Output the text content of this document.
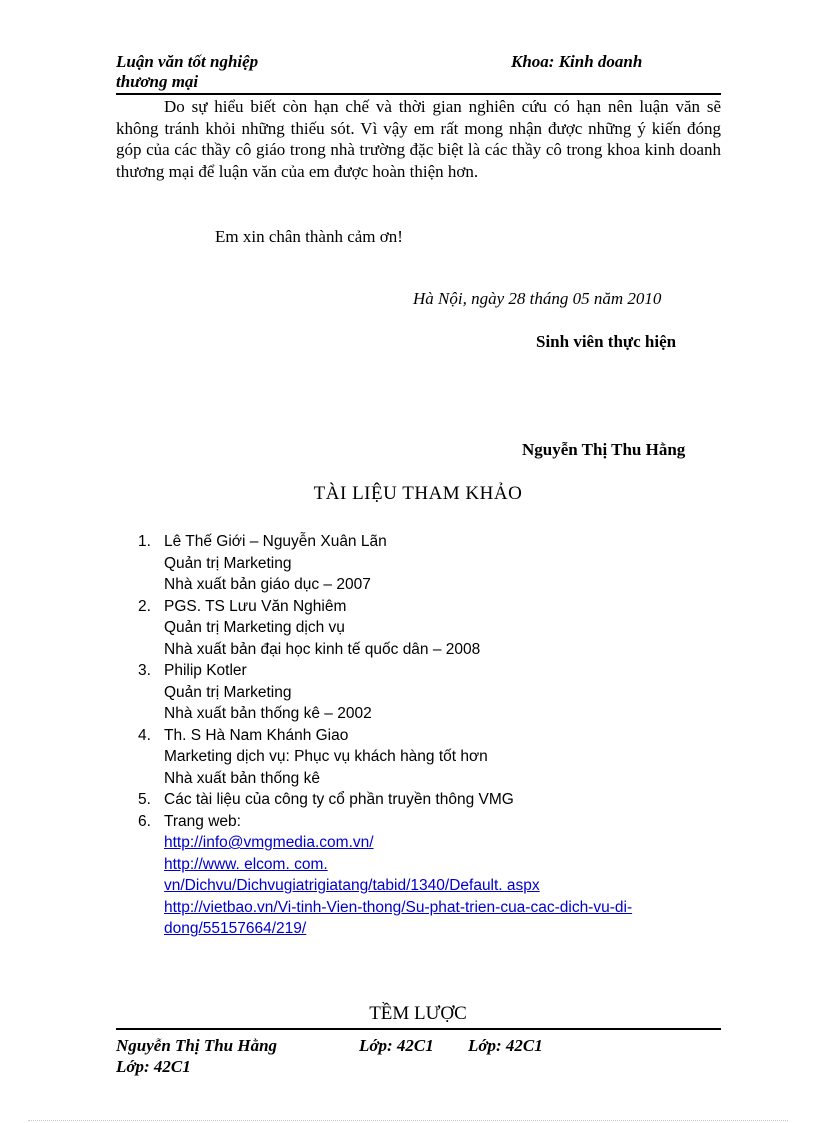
Luận văn tốt nghiệp
thương mại
Khoa: Kinh doanh
Do sự hiểu biết còn hạn chế và thời gian nghiên cứu có hạn nên luận văn sẽ không tránh khỏi những thiếu sót. Vì vậy em rất mong nhận được những ý kiến đóng góp của các thầy cô giáo trong nhà trường đặc biệt là các thầy cô trong khoa kinh doanh thương mại để luận văn của em được hoàn thiện hơn.
Em xin chân thành cảm ơn!
Hà Nội, ngày 28 tháng 05 năm 2010
Sinh viên thực hiện
Nguyễn Thị Thu Hằng
TÀI LIỆU THAM KHẢO
1. Lê Thế Giới – Nguyễn Xuân Lãn
Quản trị Marketing
Nhà xuất bản giáo dục – 2007
2. PGS. TS Lưu Văn Nghiêm
Quản trị Marketing dịch vụ
Nhà xuất bản đại học kinh tế quốc dân – 2008
3. Philip Kotler
Quản trị Marketing
Nhà xuất bản thống kê – 2002
4. Th. S Hà Nam Khánh Giao
Marketing dịch vụ: Phục vụ khách hàng tốt hơn
Nhà xuất bản thống kê
5. Các tài liệu của công ty cổ phần truyền thông VMG
6. Trang web:
http://info@vmgmedia.com.vn/
http://www. elcom. com.
vn/Dichvu/Dichvugiatrigiatang/tabid/1340/Default. aspx
http://vietbao.vn/Vi-tinh-Vien-thong/Su-phat-trien-cua-cac-dich-vu-di-
dong/55157664/219/
TỀM LƯỢC
Nguyễn Thị Thu Hằng	Lớp: 42C1 Lớp: 42C1
Lớp: 42C1
